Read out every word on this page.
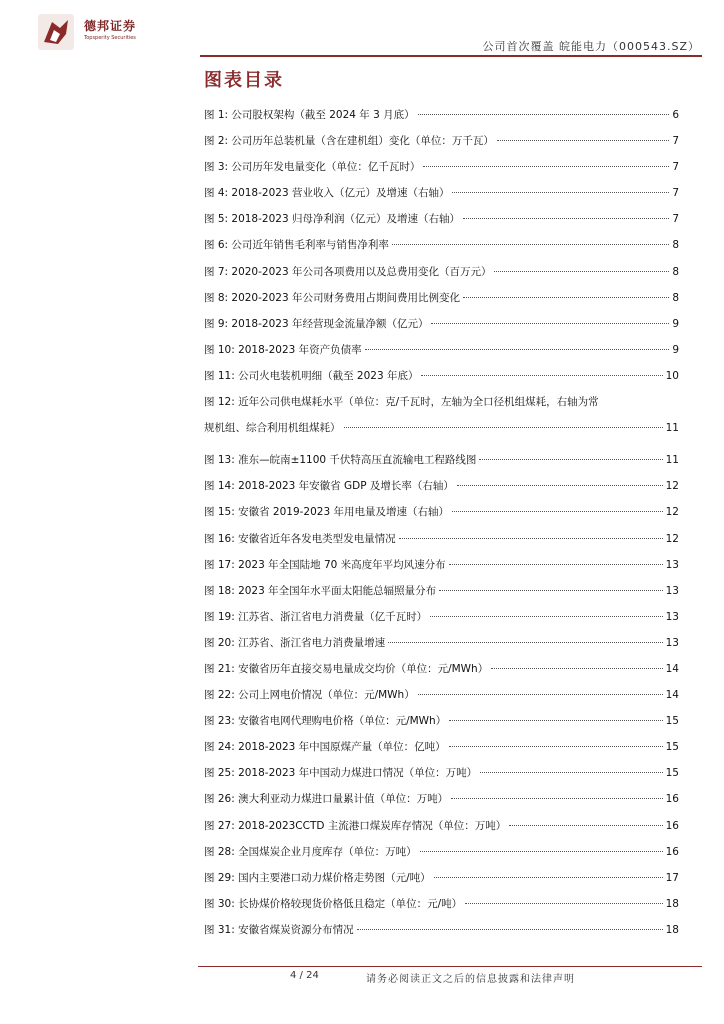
德邦证券
Topsperity Securities
公司首次覆盖 皖能电力（000543.SZ）
图表目录
图 1: 公司股权架构（截至 2024 年 3 月底）	6
图 2: 公司历年总装机量（含在建机组）变化（单位：万千瓦）	7
图 3: 公司历年发电量变化（单位：亿千瓦时）	7
图 4: 2018-2023 营业收入（亿元）及增速（右轴）	7
图 5: 2018-2023 归母净利润（亿元）及增速（右轴）	7
图 6: 公司近年销售毛利率与销售净利率	8
图 7: 2020-2023 年公司各项费用以及总费用变化（百万元）	8
图 8: 2020-2023 年公司财务费用占期间费用比例变化	8
图 9: 2018-2023 年经营现金流量净额（亿元）	9
图 10: 2018-2023 年资产负债率	9
图 11: 公司火电装机明细（截至 2023 年底）	10
图 12: 近年公司供电煤耗水平（单位：克/千瓦时，左轴为全口径机组煤耗，右轴为常
规机组、综合利用机组煤耗）	11
图 13: 准东—皖南±1100 千伏特高压直流输电工程路线图	11
图 14: 2018-2023 年安徽省 GDP 及增长率（右轴）	12
图 15: 安徽省 2019-2023 年用电量及增速（右轴）	12
图 16: 安徽省近年各发电类型发电量情况	12
图 17: 2023 年全国陆地 70 米高度年平均风速分布	13
图 18: 2023 年全国年水平面太阳能总辐照量分布	13
图 19: 江苏省、浙江省电力消费量（亿千瓦时）	13
图 20: 江苏省、浙江省电力消费量增速	13
图 21: 安徽省历年直接交易电量成交均价（单位：元/MWh）	14
图 22: 公司上网电价情况（单位：元/MWh）	14
图 23: 安徽省电网代理购电价格（单位：元/MWh）	15
图 24: 2018-2023 年中国原煤产量（单位：亿吨）	15
图 25: 2018-2023 年中国动力煤进口情况（单位：万吨）	15
图 26: 澳大利亚动力煤进口量累计值（单位：万吨）	16
图 27: 2018-2023CCTD 主流港口煤炭库存情况（单位：万吨）	16
图 28: 全国煤炭企业月度库存（单位：万吨）	16
图 29: 国内主要港口动力煤价格走势图（元/吨）	17
图 30: 长协煤价格较现货价格低且稳定（单位：元/吨）	18
图 31: 安徽省煤炭资源分布情况	18
4 / 24	请务必阅读正文之后的信息披露和法律声明
